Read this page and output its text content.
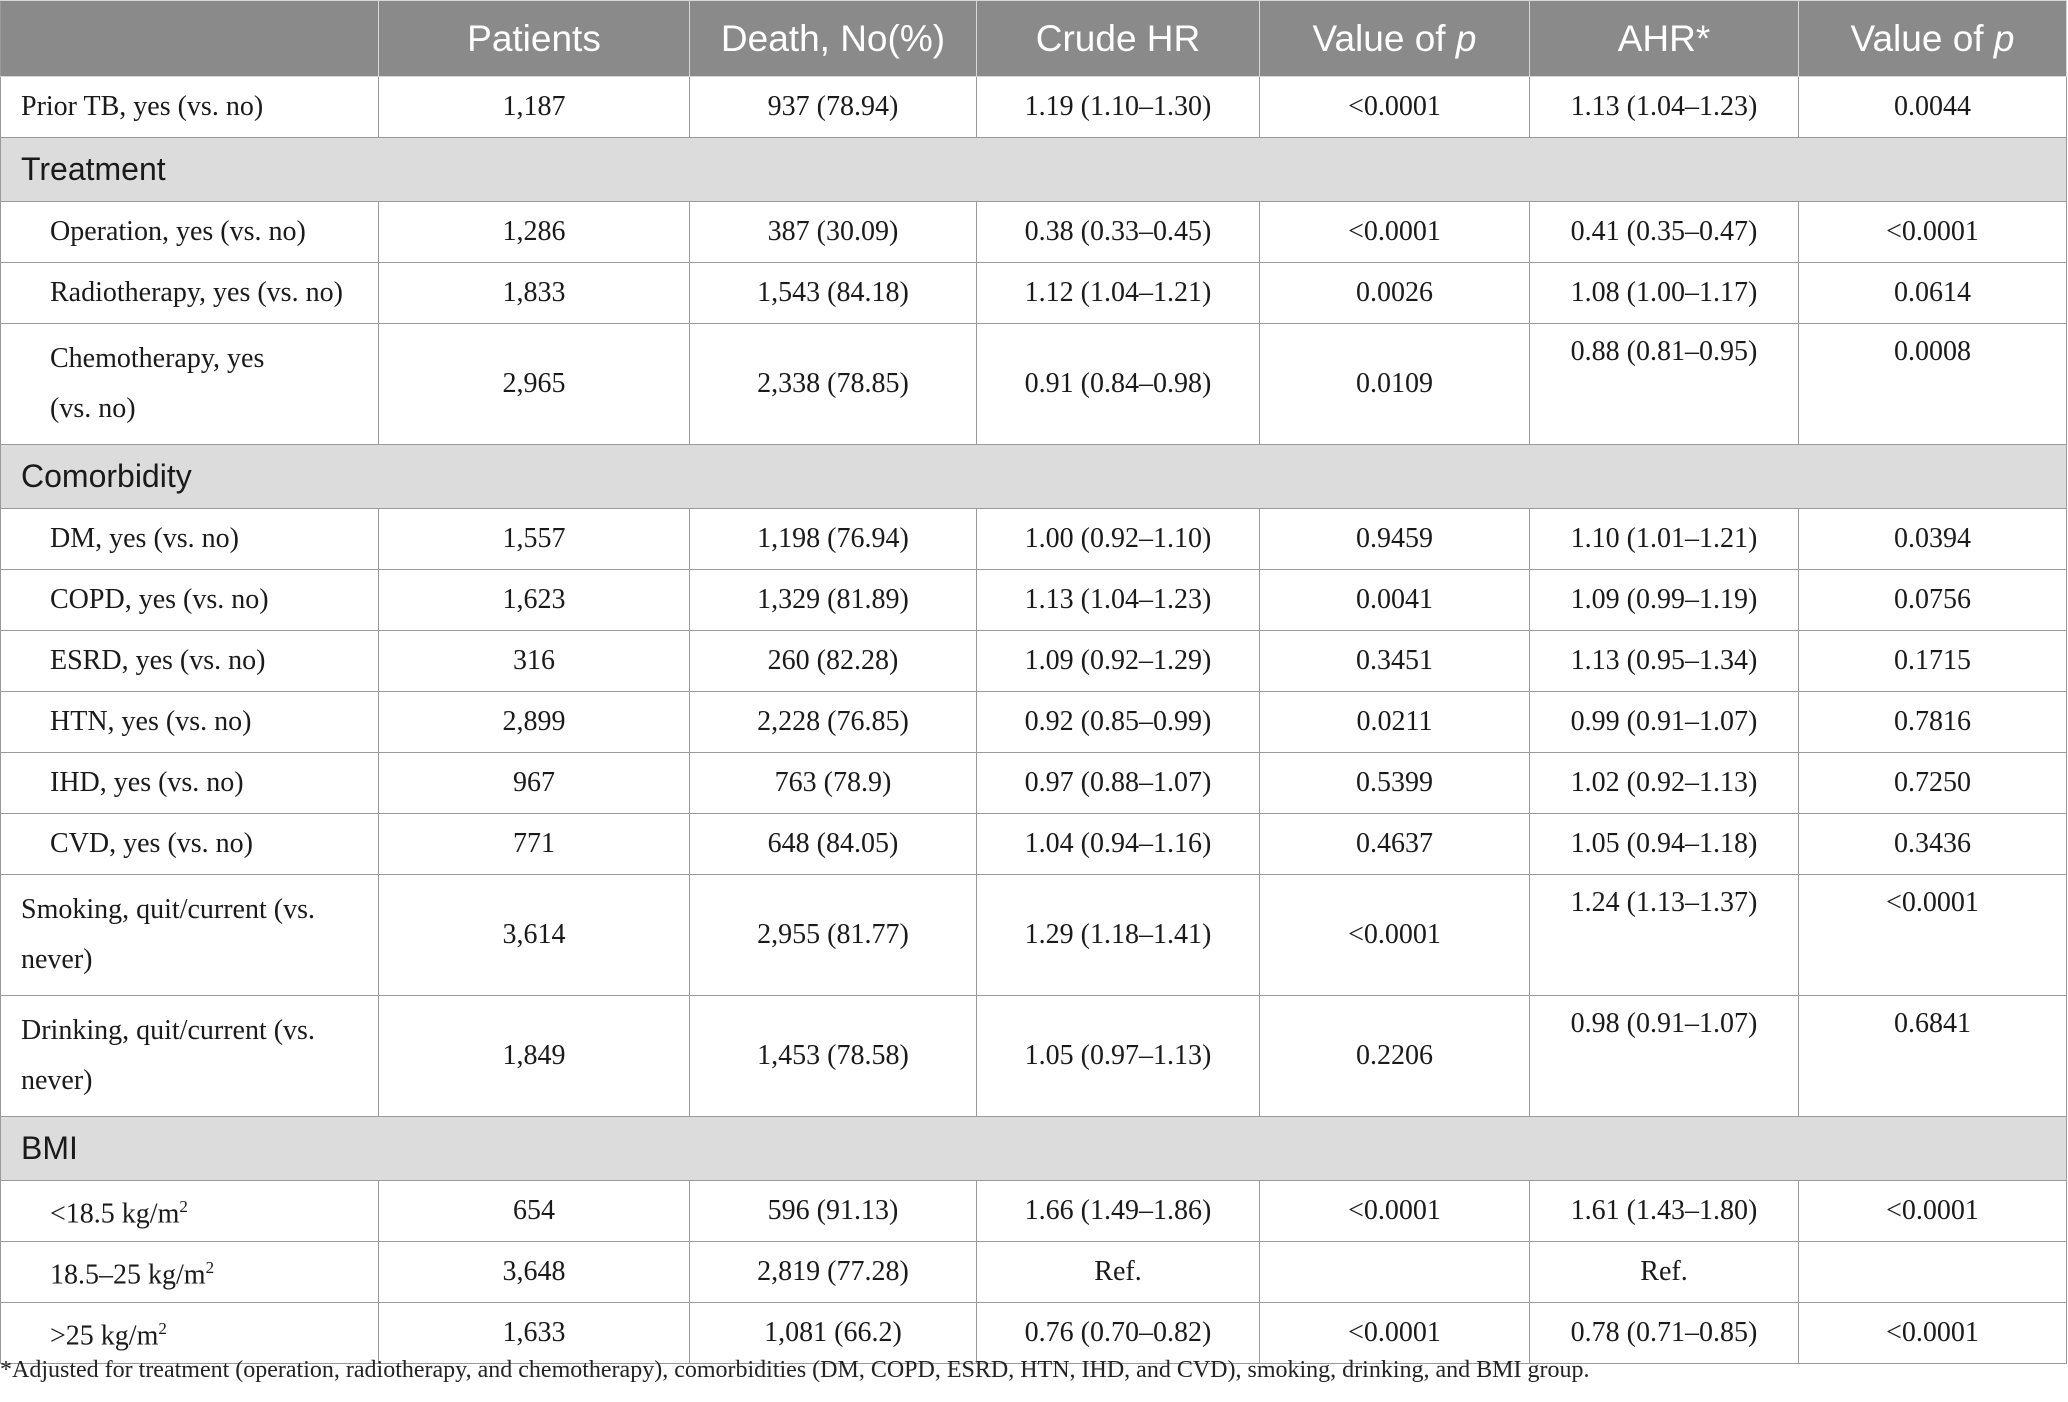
	Patients	Death, No(%)	Crude HR	Value of p	AHR*	Value of p
Prior TB, yes (vs. no)	1,187	937 (78.94)	1.19 (1.10–1.30)	<0.0001	1.13 (1.04–1.23)	0.0044
Treatment						
Operation, yes (vs. no)	1,286	387 (30.09)	0.38 (0.33–0.45)	<0.0001	0.41 (0.35–0.47)	<0.0001
Radiotherapy, yes (vs. no)	1,833	1,543 (84.18)	1.12 (1.04–1.21)	0.0026	1.08 (1.00–1.17)	0.0614
Chemotherapy, yes
(vs. no)	2,965	2,338 (78.85)	0.91 (0.84–0.98)	0.0109	0.88 (0.81–0.95)	0.0008
Comorbidity						
DM, yes (vs. no)	1,557	1,198 (76.94)	1.00 (0.92–1.10)	0.9459	1.10 (1.01–1.21)	0.0394
COPD, yes (vs. no)	1,623	1,329 (81.89)	1.13 (1.04–1.23)	0.0041	1.09 (0.99–1.19)	0.0756
ESRD, yes (vs. no)	316	260 (82.28)	1.09 (0.92–1.29)	0.3451	1.13 (0.95–1.34)	0.1715
HTN, yes (vs. no)	2,899	2,228 (76.85)	0.92 (0.85–0.99)	0.0211	0.99 (0.91–1.07)	0.7816
IHD, yes (vs. no)	967	763 (78.9)	0.97 (0.88–1.07)	0.5399	1.02 (0.92–1.13)	0.7250
CVD, yes (vs. no)	771	648 (84.05)	1.04 (0.94–1.16)	0.4637	1.05 (0.94–1.18)	0.3436
Smoking, quit/current (vs.
never)	3,614	2,955 (81.77)	1.29 (1.18–1.41)	<0.0001	1.24 (1.13–1.37)	<0.0001
Drinking, quit/current (vs.
never)	1,849	1,453 (78.58)	1.05 (0.97–1.13)	0.2206	0.98 (0.91–1.07)	0.6841
BMI						
<18.5 $kg/m^2$	654	596 (91.13)	1.66 (1.49–1.86)	<0.0001	1.61 (1.43–1.80)	<0.0001
18.5–25 $kg/m^2$	3,648	2,819 (77.28)	Ref.		Ref.	
>25 $kg/m^2$	1,633	1,081 (66.2)	0.76 (0.70–0.82)	<0.0001	0.78 (0.71–0.85)	<0.0001
*Adjusted for treatment (operation, radiotherapy, and chemotherapy), comorbidities (DM, COPD, ESRD, HTN, IHD, and CVD), smoking, drinking, and BMI group.
